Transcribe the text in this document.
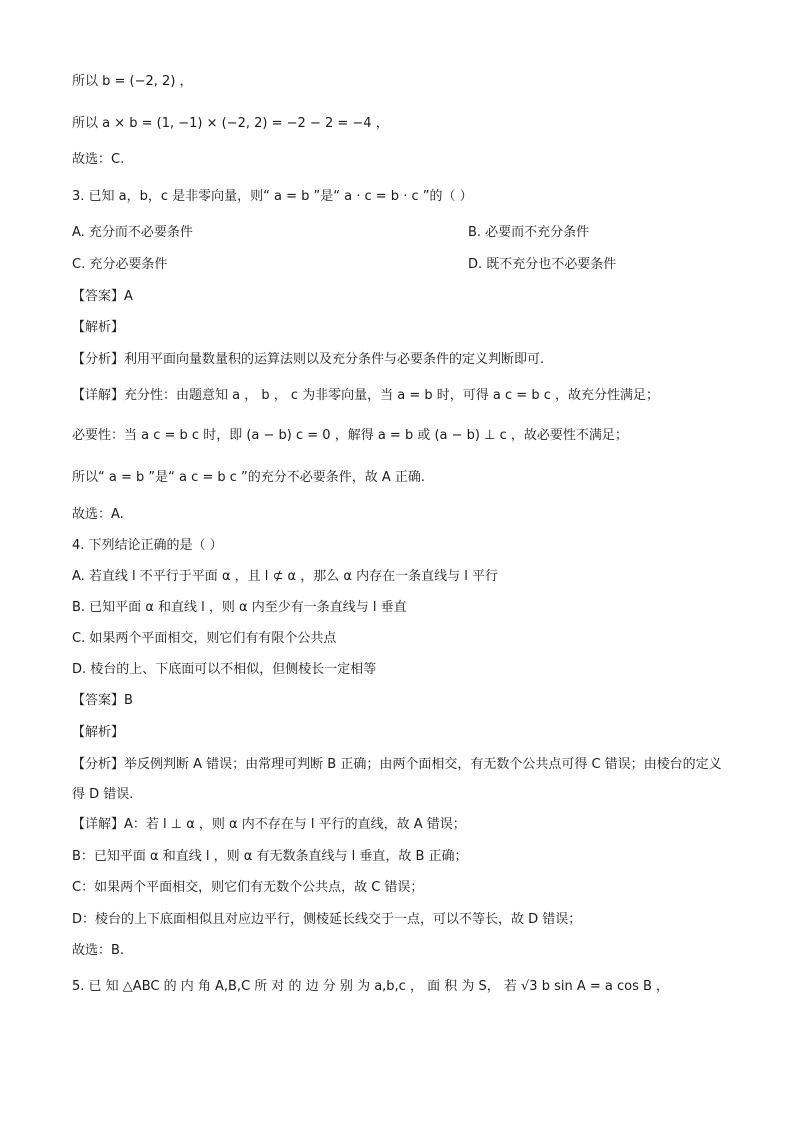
所以 b = (−2, 2) ，
所以 a × b = (1, −1) × (−2, 2) = −2 − 2 = −4 ，
故选：C.
3. 已知 a，b，c 是非零向量，则“ a = b ”是“ a · c = b · c ”的（ ）
A. 充分而不必要条件	B. 必要而不充分条件
C. 充分必要条件	D. 既不充分也不必要条件
【答案】A
【解析】
【分析】利用平面向量数量积的运算法则以及充分条件与必要条件的定义判断即可.
【详解】充分性：由题意知 a ， b ， c 为非零向量，当 a = b 时，可得 a c = b c ，故充分性满足；
必要性：当 a c = b c 时，即 (a − b) c = 0 ，解得 a = b 或 (a − b) ⊥ c ，故必要性不满足；
所以“ a = b ”是“ a c = b c ”的充分不必要条件，故 A 正确.
故选：A.
4. 下列结论正确的是（ ）
A. 若直线 l 不平行于平面 α ，且 l ⊄ α ，那么 α 内存在一条直线与 l 平行
B. 已知平面 α 和直线 l ，则 α 内至少有一条直线与 l 垂直
C. 如果两个平面相交，则它们有有限个公共点
D. 棱台的上、下底面可以不相似，但侧棱长一定相等
【答案】B
【解析】
【分析】举反例判断 A 错误；由常理可判断 B 正确；由两个面相交，有无数个公共点可得 C 错误；由棱台的定义得 D 错误.
【详解】A：若 l ⊥ α ，则 α 内不存在与 l 平行的直线，故 A 错误；
B：已知平面 α 和直线 l ，则 α 有无数条直线与 l 垂直，故 B 正确；
C：如果两个平面相交，则它们有无数个公共点，故 C 错误；
D：棱台的上下底面相似且对应边平行，侧棱延长线交于一点，可以不等长，故 D 错误；
故选：B.
5. 已 知 △ABC 的 内 角 A,B,C 所 对 的 边 分 别 为 a,b,c ， 面 积 为 S， 若 √3 b sin A = a cos B ，
